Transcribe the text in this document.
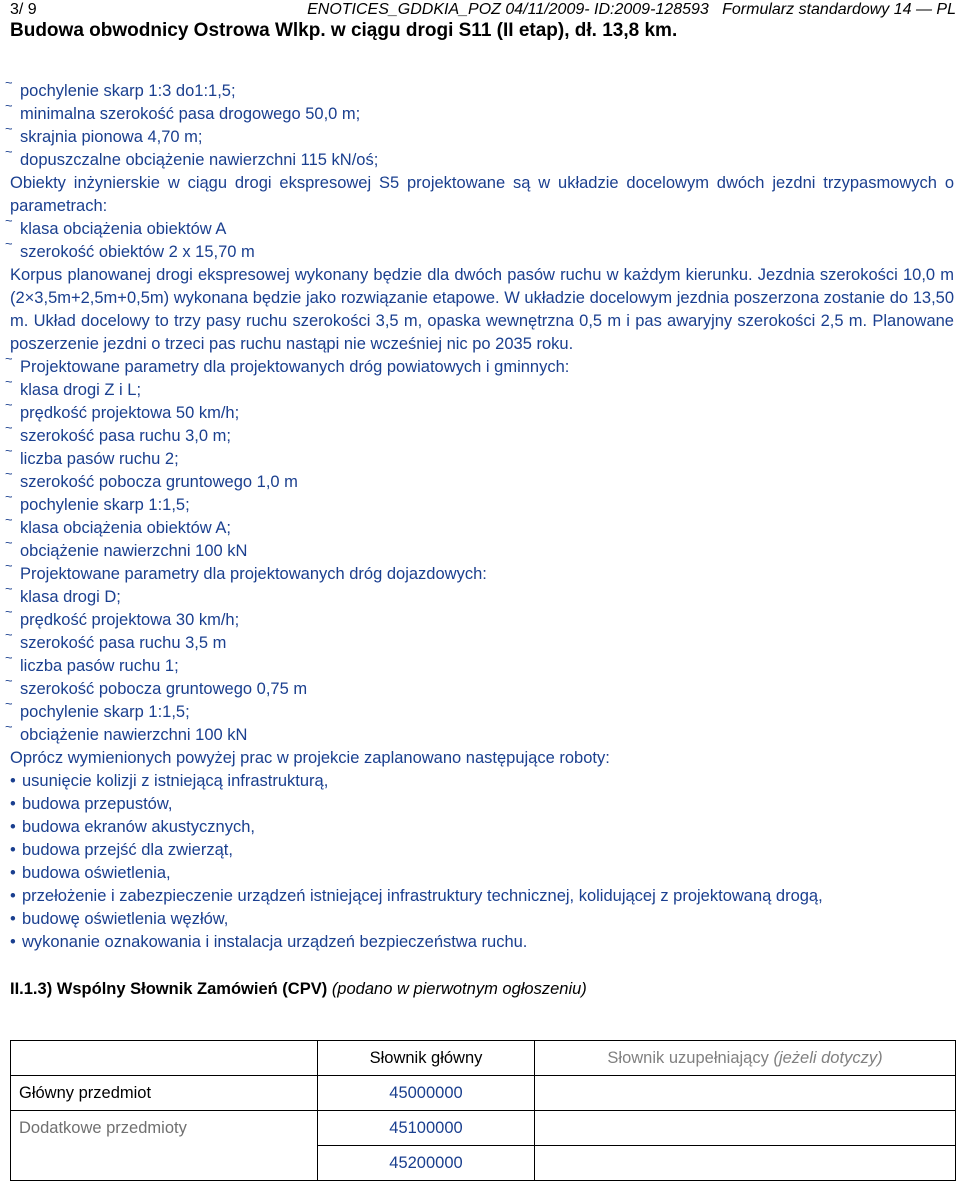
3/ 9	ENOTICES_GDDKIA_POZ 04/11/2009- ID:2009-128593 Formularz standardowy 14 — PL
Budowa obwodnicy Ostrowa Wlkp. w ciągu drogi S11 (II etap), dł. 13,8 km.
~ pochylenie skarp 1:3 do1:1,5;
~ minimalna szerokość pasa drogowego 50,0 m;
~ skrajnia pionowa 4,70 m;
~ dopuszczalne obciążenie nawierzchni 115 kN/oś;
Obiekty inżynierskie w ciągu drogi ekspresowej S5 projektowane są w układzie docelowym dwóch jezdni trzypasmowych o parametrach:
~ klasa obciążenia obiektów A
~ szerokość obiektów 2 x 15,70 m
Korpus planowanej drogi ekspresowej wykonany będzie dla dwóch pasów ruchu w każdym kierunku. Jezdnia szerokości 10,0 m (2×3,5m+2,5m+0,5m) wykonana będzie jako rozwiązanie etapowe. W układzie docelowym jezdnia poszerzona zostanie do 13,50 m. Układ docelowy to trzy pasy ruchu szerokości 3,5 m, opaska wewnętrzna 0,5 m i pas awaryjny szerokości 2,5 m. Planowane poszerzenie jezdni o trzeci pas ruchu nastąpi nie wcześniej nic po 2035 roku.
~ Projektowane parametry dla projektowanych dróg powiatowych i gminnych:
~ klasa drogi Z i L;
~ prędkość projektowa 50 km/h;
~ szerokość pasa ruchu 3,0 m;
~ liczba pasów ruchu 2;
~ szerokość pobocza gruntowego 1,0 m
~ pochylenie skarp 1:1,5;
~ klasa obciążenia obiektów A;
~ obciążenie nawierzchni 100 kN
~ Projektowane parametry dla projektowanych dróg dojazdowych:
~ klasa drogi D;
~ prędkość projektowa 30 km/h;
~ szerokość pasa ruchu 3,5 m
~ liczba pasów ruchu 1;
~ szerokość pobocza gruntowego 0,75 m
~ pochylenie skarp 1:1,5;
~ obciążenie nawierzchni 100 kN
Oprócz wymienionych powyżej prac w projekcie zaplanowano następujące roboty:
• usunięcie kolizji z istniejącą infrastrukturą,
• budowa przepustów,
• budowa ekranów akustycznych,
• budowa przejść dla zwierząt,
• budowa oświetlenia,
• przełożenie i zabezpieczenie urządzeń istniejącej infrastruktury technicznej, kolidującej z projektowaną drogą,
• budowę oświetlenia węzłów,
• wykonanie oznakowania i instalacja urządzeń bezpieczeństwa ruchu.
II.1.3) Wspólny Słownik Zamówień (CPV) (podano w pierwotnym ogłoszeniu)
	Słownik główny	Słownik uzupełniający (jeżeli dotyczy)
Główny przedmiot	45000000	
Dodatkowe przedmioty	45100000	
	45200000	
